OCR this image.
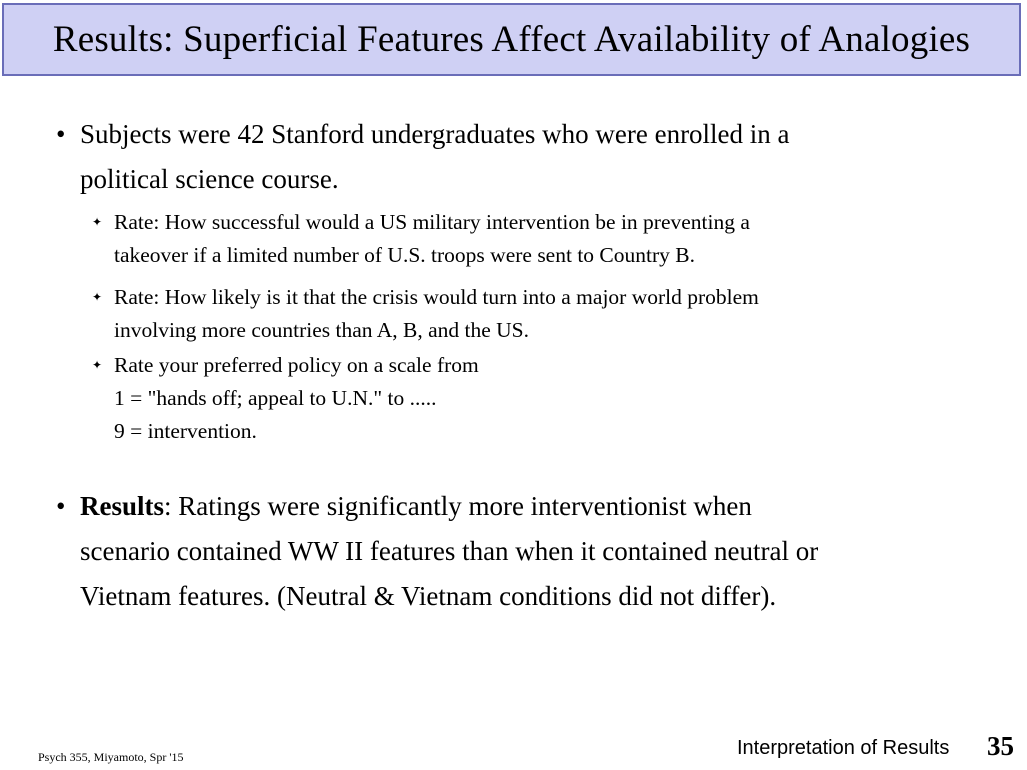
Results: Superficial Features Affect Availability of Analogies
• Subjects were 42 Stanford undergraduates who were enrolled in a
political science course.
✦ Rate: How successful would a US military intervention be in preventing a
takeover if a limited number of U.S. troops were sent to Country B.
✦ Rate: How likely is it that the crisis would turn into a major world problem
involving more countries than A, B, and the US.
✦ Rate your preferred policy on a scale from
1 = "hands off; appeal to U.N." to .....
9 = intervention.
• Results: Ratings were significantly more interventionist when
scenario contained WW II features than when it contained neutral or
Vietnam features. (Neutral & Vietnam conditions did not differ).
Psych 355, Miyamoto, Spr '15	Interpretation of Results 35
